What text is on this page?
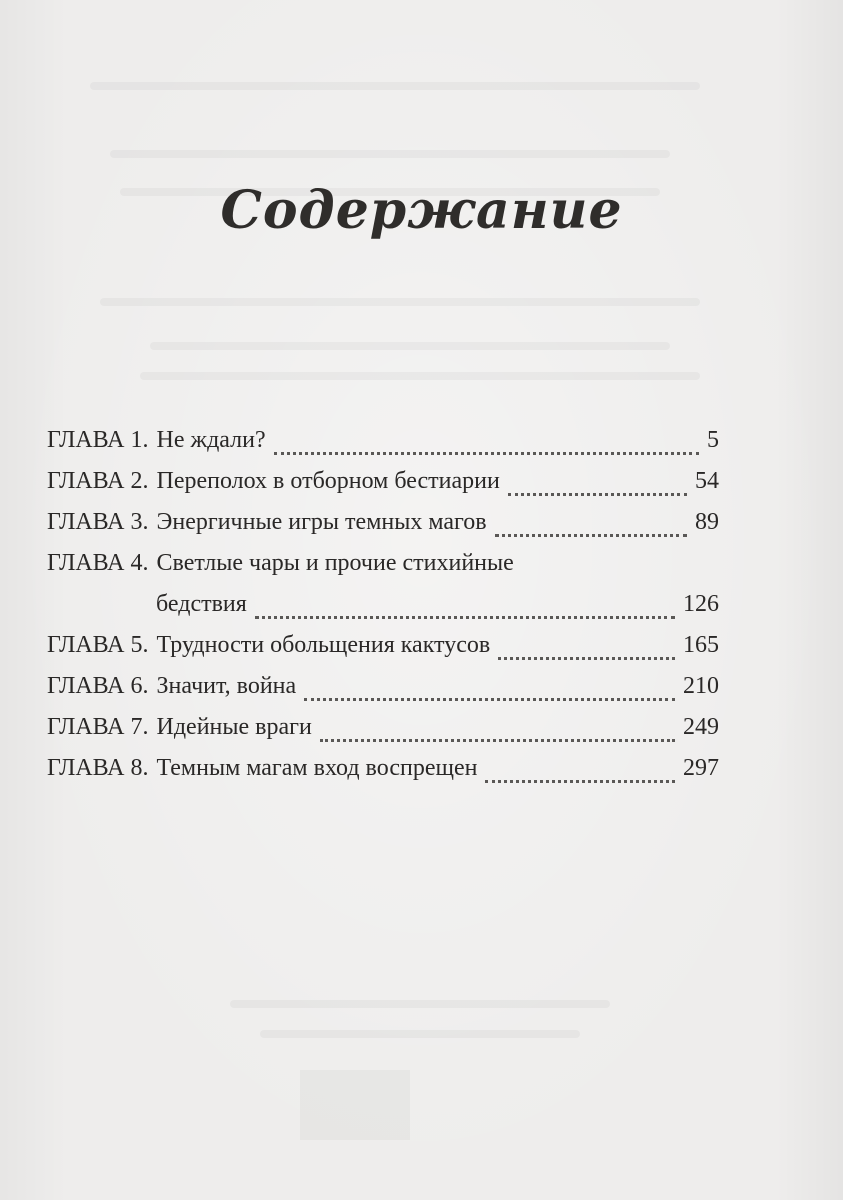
Содержание
ГЛАВА 1. Не ждали?	5
ГЛАВА 2. Переполох в отборном бестиарии	54
ГЛАВА 3. Энергичные игры темных магов	89
ГЛАВА 4. Светлые чары и прочие стихийные
бедствия	126
ГЛАВА 5. Трудности обольщения кактусов	165
ГЛАВА 6. Значит, война	210
ГЛАВА 7. Идейные враги	249
ГЛАВА 8. Темным магам вход воспрещен	297
